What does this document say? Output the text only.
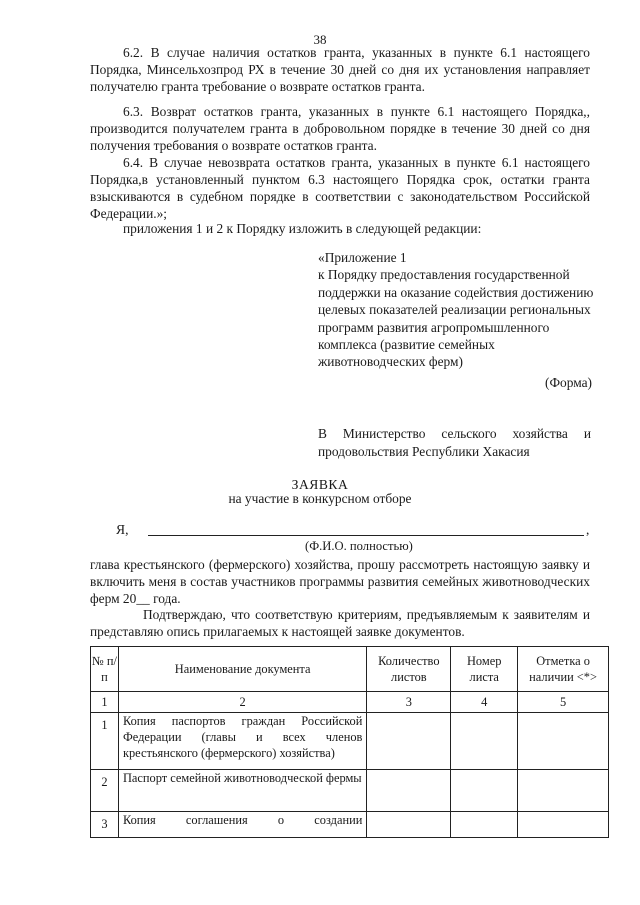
38

6.2. В случае наличия остатков гранта, указанных в пункте 6.1 настоящего Порядка, Минсельхозпрод РХ в течение 30 дней со дня их установления направляет получателю гранта требование о возврате остатков гранта.

6.3. Возврат остатков гранта, указанных в пункте 6.1 настоящего Порядка,, производится получателем гранта в добровольном порядке в течение 30 дней со дня получения требования о возврате остатков гранта.

6.4. В случае невозврата остатков гранта, указанных в пункте 6.1 настоящего Порядка,в установленный пунктом 6.3 настоящего Порядка срок, остатки гранта взыскиваются в судебном порядке в соответствии с законодательством Российской Федерации.»;

приложения 1 и 2 к Порядку изложить в следующей редакции:

«Приложение 1
к Порядку предоставления государственной поддержки на оказание содействия достижению целевых показателей реализации региональных программ развития агропромышленного комплекса (развитие семейных животноводческих ферм)

(Форма)

В Министерство сельского хозяйства и продовольствия Республики Хакасия

ЗАЯВКА
на участие в конкурсном отборе
Я,	,
(Ф.И.О. полностью)

глава крестьянского (фермерского) хозяйства, прошу рассмотреть настоящую заявку и включить меня в состав участников программы развития семейных животноводческих ферм 20__ года.

Подтверждаю, что соответствую критериям, предъявляемым к заявителям и представляю опись прилагаемых к настоящей заявке документов.

№ п/п	Наименование документа	Количество листов	Номер листа	Отметка о наличии <*>
1	2	3	4	5
1	Копия паспортов граждан Российской Федерации (главы и всех членов крестьянского (фермерского) хозяйства)			
2	Паспорт семейной животноводческой фермы			
3	Копия соглашения о создании			
